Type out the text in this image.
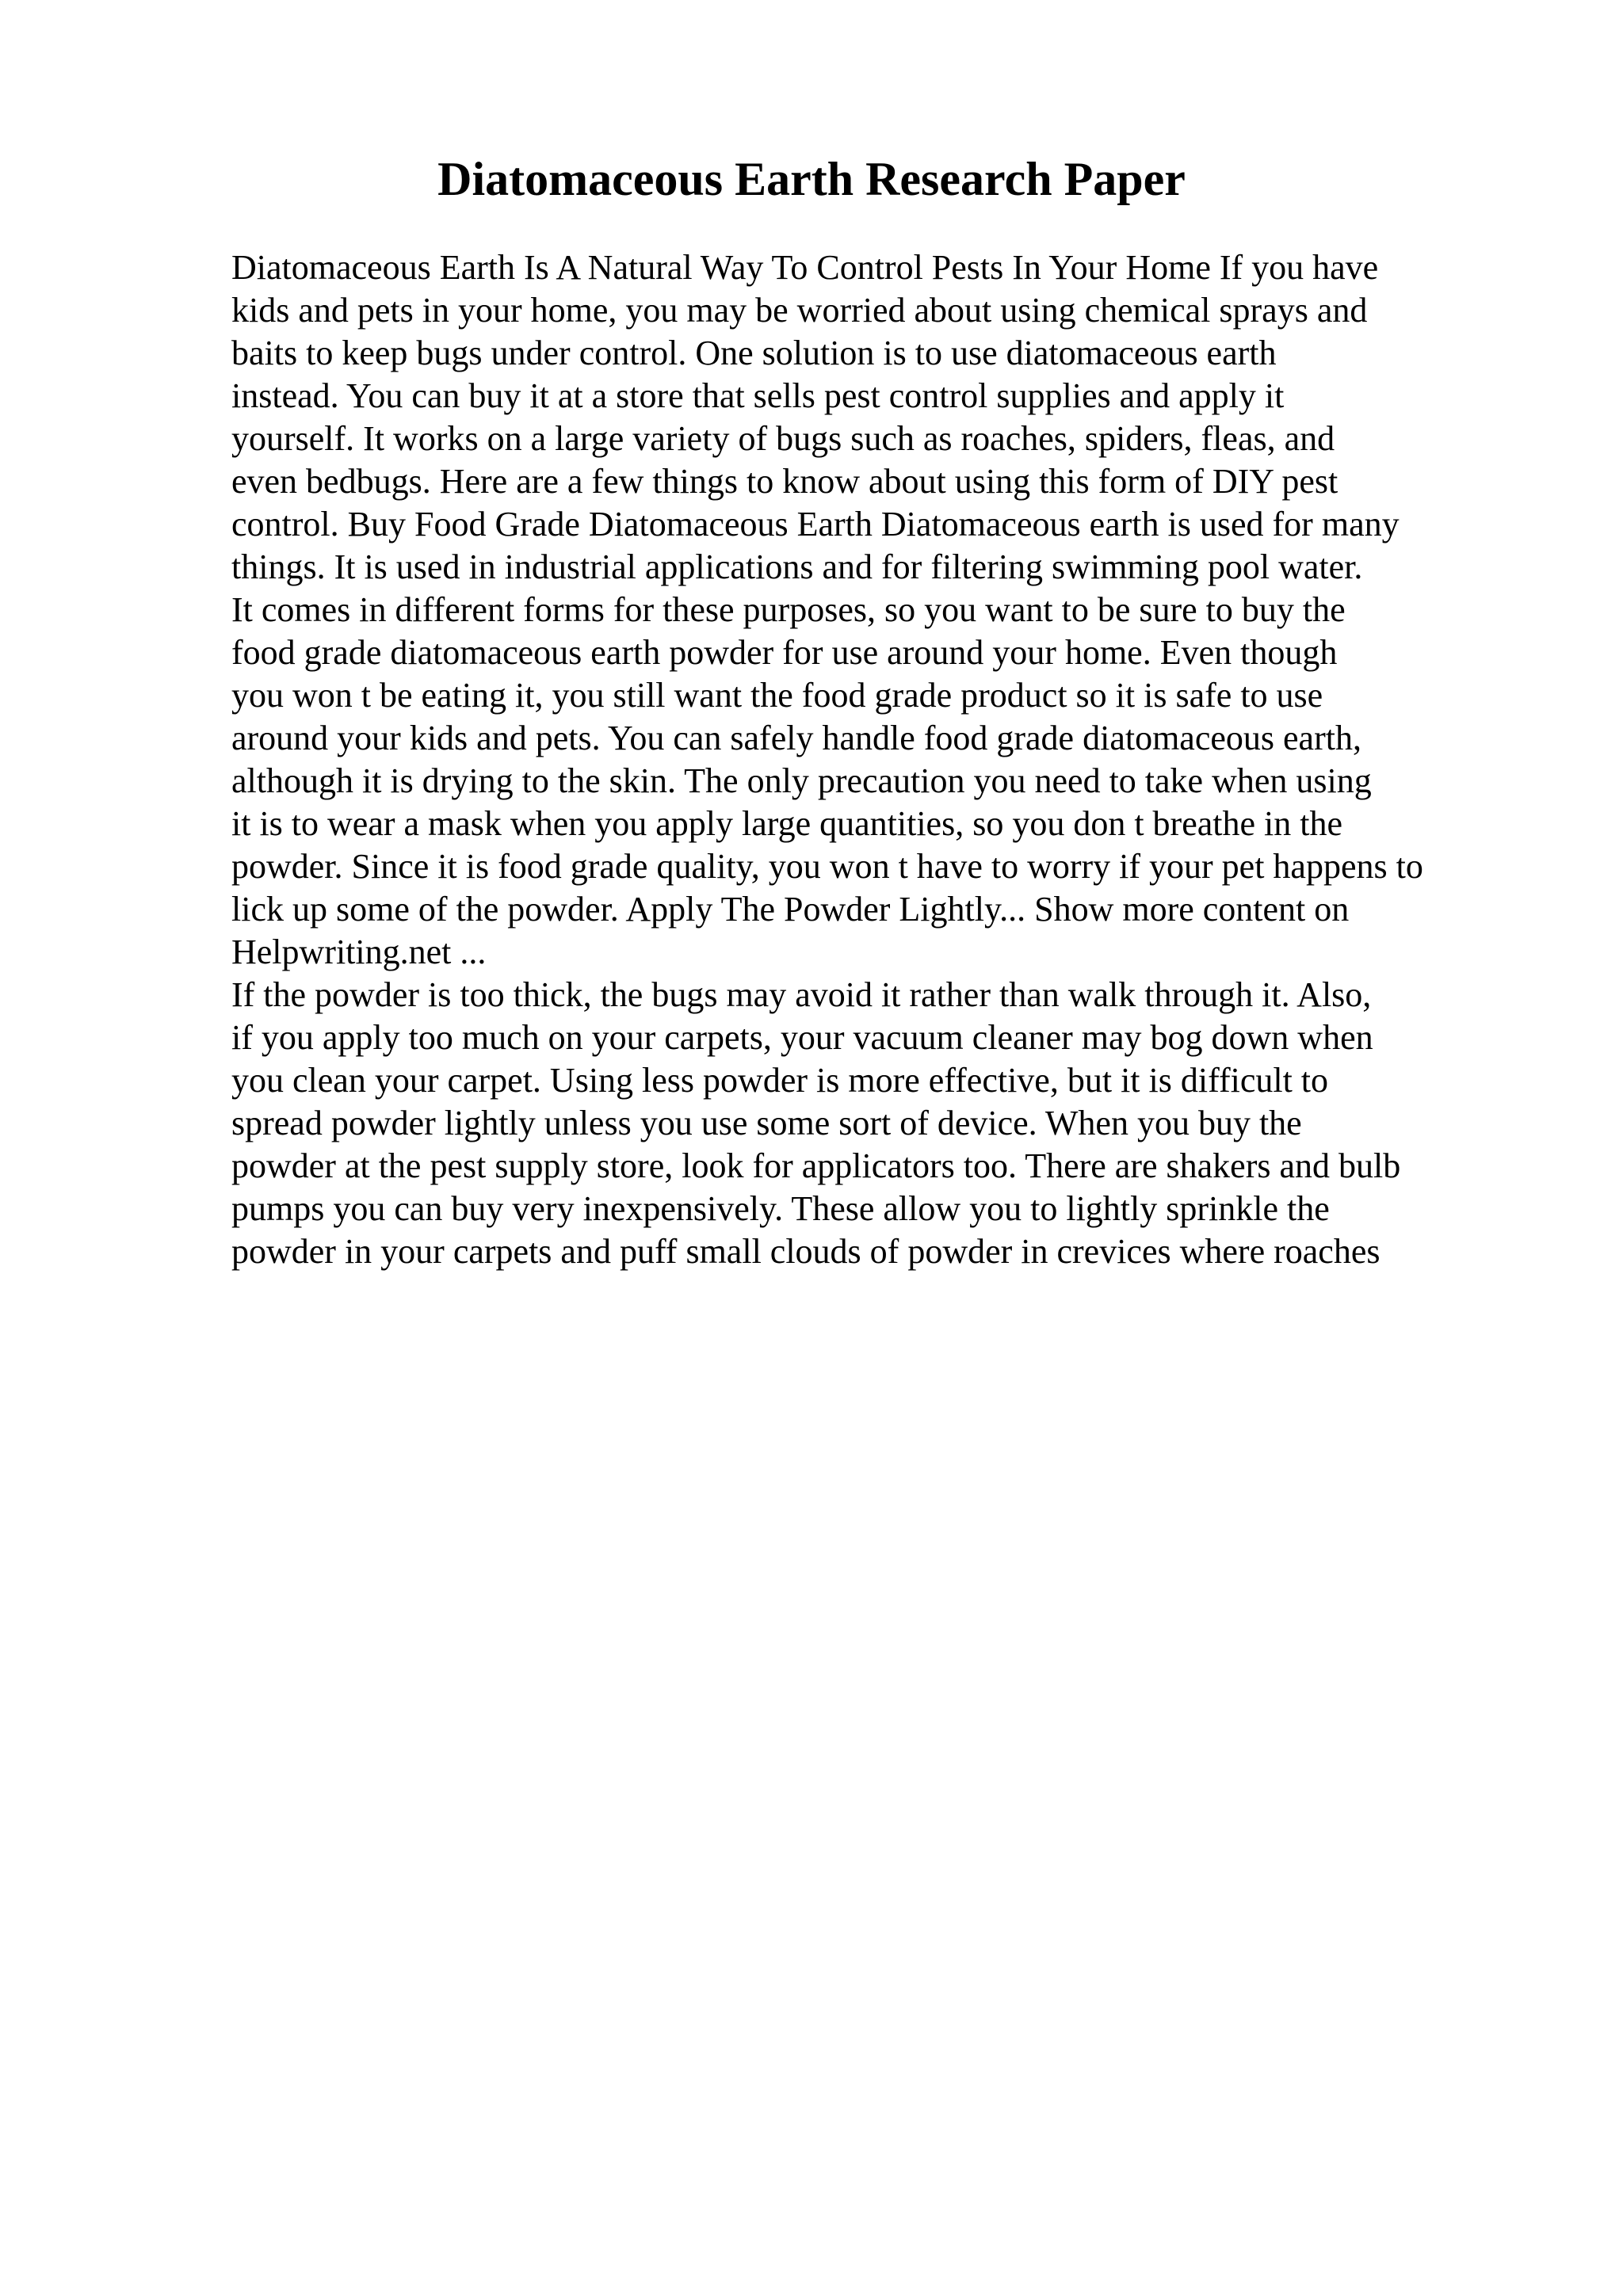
Diatomaceous Earth Research Paper
Diatomaceous Earth Is A Natural Way To Control Pests In Your Home If you have
kids and pets in your home, you may be worried about using chemical sprays and
baits to keep bugs under control. One solution is to use diatomaceous earth
instead. You can buy it at a store that sells pest control supplies and apply it
yourself. It works on a large variety of bugs such as roaches, spiders, fleas, and
even bedbugs. Here are a few things to know about using this form of DIY pest
control. Buy Food Grade Diatomaceous Earth Diatomaceous earth is used for many
things. It is used in industrial applications and for filtering swimming pool water.
It comes in different forms for these purposes, so you want to be sure to buy the
food grade diatomaceous earth powder for use around your home. Even though
you won t be eating it, you still want the food grade product so it is safe to use
around your kids and pets. You can safely handle food grade diatomaceous earth,
although it is drying to the skin. The only precaution you need to take when using
it is to wear a mask when you apply large quantities, so you don t breathe in the
powder. Since it is food grade quality, you won t have to worry if your pet happens to
lick up some of the powder. Apply The Powder Lightly... Show more content on
Helpwriting.net ...
If the powder is too thick, the bugs may avoid it rather than walk through it. Also,
if you apply too much on your carpets, your vacuum cleaner may bog down when
you clean your carpet. Using less powder is more effective, but it is difficult to
spread powder lightly unless you use some sort of device. When you buy the
powder at the pest supply store, look for applicators too. There are shakers and bulb
pumps you can buy very inexpensively. These allow you to lightly sprinkle the
powder in your carpets and puff small clouds of powder in crevices where roaches
